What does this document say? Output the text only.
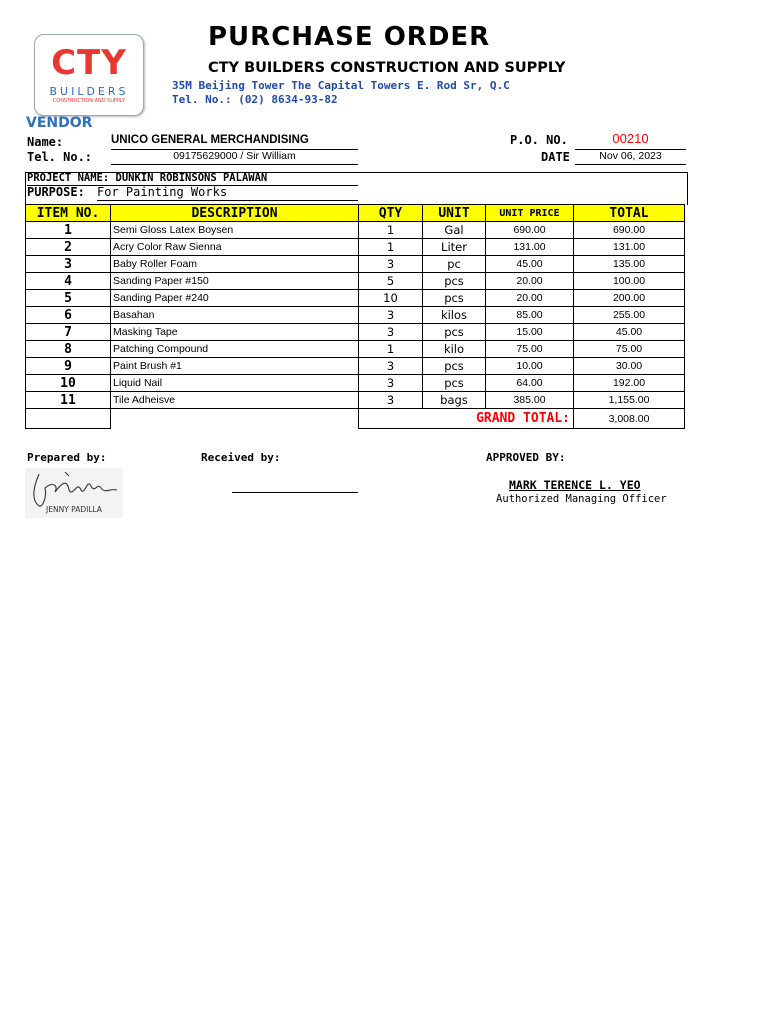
CTY
BUILDERS
CONSTRUCTION AND SUPPLY
PURCHASE ORDER
CTY BUILDERS CONSTRUCTION AND SUPPLY
35M Beijing Tower The Capital Towers E. Rod Sr, Q.C
Tel. No.: (02) 8634-93-82
VENDOR
Name:	UNICO GENERAL MERCHANDISING
Tel. No.:	09175629000 / Sir William
P.O. NO.	00210
DATE	Nov 06, 2023
PROJECT NAME: DUNKIN ROBINSONS PALAWAN
PURPOSE: For Painting Works
ITEM NO.	DESCRIPTION	QTY	UNIT	UNIT PRICE	TOTAL
1	Semi Gloss Latex Boysen	1	Gal	690.00	690.00
2	Acry Color Raw Sienna	1	Liter	131.00	131.00
3	Baby Roller Foam	3	pc	45.00	135.00
4	Sanding Paper #150	5	pcs	20.00	100.00
5	Sanding Paper #240	10	pcs	20.00	200.00
6	Basahan	3	kilos	85.00	255.00
7	Masking Tape	3	pcs	15.00	45.00
8	Patching Compound	1	kilo	75.00	75.00
9	Paint Brush #1	3	pcs	10.00	30.00
10	Liquid Nail	3	pcs	64.00	192.00
11	Tile Adheisve	3	bags	385.00	1,155.00
		GRAND TOTAL:			3,008.00
Prepared by:	Received by:	APPROVED BY:
JENNY PADILLA
MARK TERENCE L. YEO
Authorized Managing Officer
